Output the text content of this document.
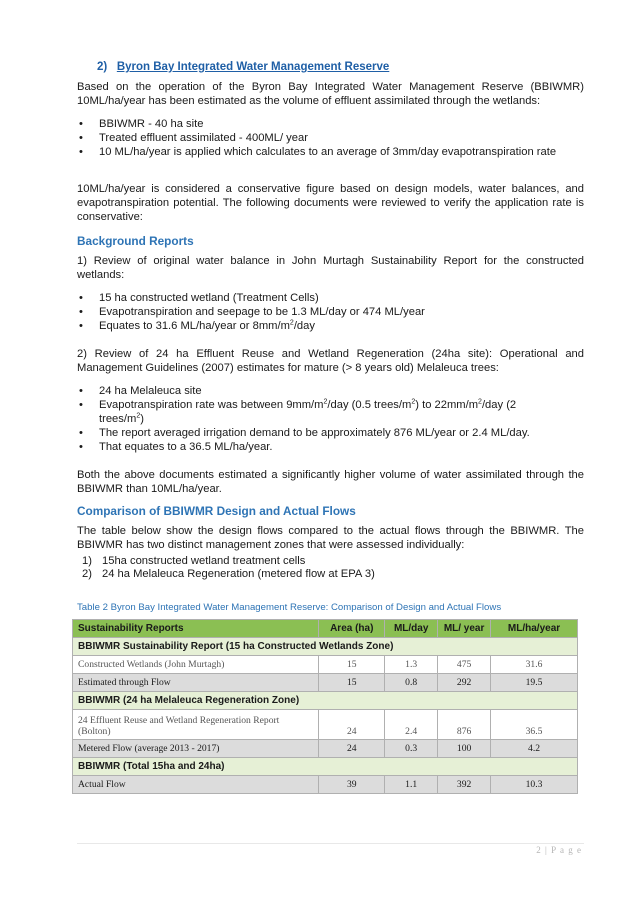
2) Byron Bay Integrated Water Management Reserve
Based on the operation of the Byron Bay Integrated Water Management Reserve (BBIWMR) 10ML/ha/year has been estimated as the volume of effluent assimilated through the wetlands:
• BBIWMR - 40 ha site
• Treated effluent assimilated - 400ML/ year
• 10 ML/ha/year is applied which calculates to an average of 3mm/day evapotranspiration rate
10ML/ha/year is considered a conservative figure based on design models, water balances, and evapotranspiration potential. The following documents were reviewed to verify the application rate is conservative:
Background Reports
1) Review of original water balance in John Murtagh Sustainability Report for the constructed wetlands:
• 15 ha constructed wetland (Treatment Cells)
• Evapotranspiration and seepage to be 1.3 ML/day or 474 ML/year
• Equates to 31.6 ML/ha/year or $8mm/m^2$/day
2) Review of 24 ha Effluent Reuse and Wetland Regeneration (24ha site): Operational and Management Guidelines (2007) estimates for mature (> 8 years old) Melaleuca trees:
• 24 ha Melaleuca site
• Evapotranspiration rate was between $9mm/m^2$/day (0.5 trees/$m^2$) to $22mm/m^2$/day (2 trees/$m^2$)
• The report averaged irrigation demand to be approximately 876 ML/year or 2.4 ML/day.
• That equates to a 36.5 ML/ha/year.
Both the above documents estimated a significantly higher volume of water assimilated through the BBIWMR than 10ML/ha/year.
Comparison of BBIWMR Design and Actual Flows
The table below show the design flows compared to the actual flows through the BBIWMR. The BBIWMR has two distinct management zones that were assessed individually:
1) 15ha constructed wetland treatment cells
2) 24 ha Melaleuca Regeneration (metered flow at EPA 3)
Table 2 Byron Bay Integrated Water Management Reserve: Comparison of Design and Actual Flows
Sustainability Reports	Area (ha)	ML/day	ML/ year	ML/ha/year
BBIWMR Sustainability Report (15 ha Constructed Wetlands Zone)				
Constructed Wetlands (John Murtagh)	15	1.3	475	31.6
Estimated through Flow	15	0.8	292	19.5
BBIWMR (24 ha Melaleuca Regeneration Zone)				
24 Effluent Reuse and Wetland Regeneration Report
(Bolton)	24	2.4	876	36.5
Metered Flow (average 2013 - 2017)	24	0.3	100	4.2
BBIWMR (Total 15ha and 24ha)				
Actual Flow	39	1.1	392	10.3
2 | P a g e
